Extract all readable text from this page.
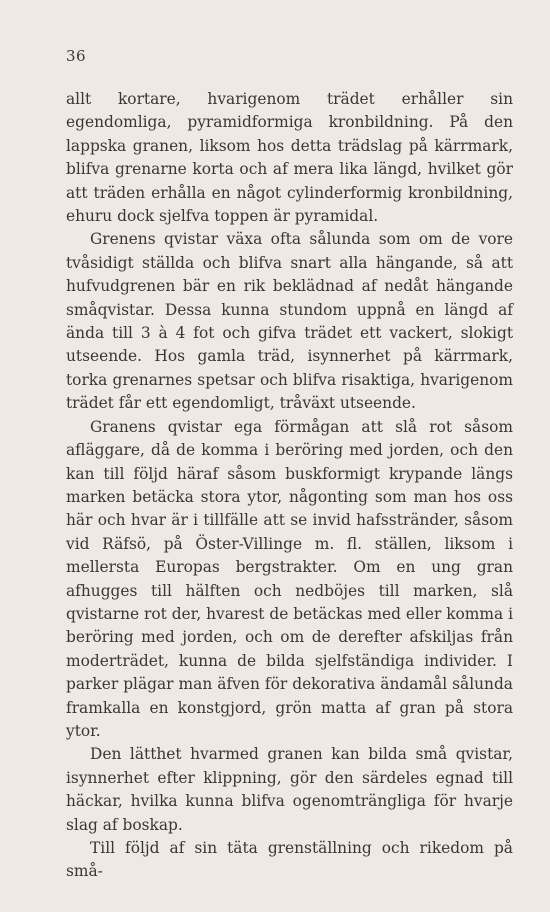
36

allt kortare, hvarigenom trädet erhåller sin egendomliga, pyramidformiga kronbildning. På den lappska granen, liksom hos detta trädslag på kärrmark, blifva grenarne korta och af mera lika längd, hvilket gör att träden erhålla en något cylinderformig kronbildning, ehuru dock sjelfva toppen är pyramidal.

Grenens qvistar växa ofta sålunda som om de vore tvåsidigt ställda och blifva snart alla hängande, så att hufvudgrenen bär en rik beklädnad af nedåt hängande småqvistar. Dessa kunna stundom uppnå en längd af ända till 3 à 4 fot och gifva trädet ett vackert, slokigt utseende. Hos gamla träd, isynnerhet på kärrmark, torka grenarnes spetsar och blifva risaktiga, hvarigenom trädet får ett egendomligt, tråväxt utseende.

Granens qvistar ega förmågan att slå rot såsom afläggare, då de komma i beröring med jorden, och den kan till följd häraf såsom buskformigt krypande längs marken betäcka stora ytor, någonting som man hos oss här och hvar är i tillfälle att se invid hafsstränder, såsom vid Räfsö, på Öster-Villinge m. fl. ställen, liksom i mellersta Europas bergstrakter. Om en ung gran afhugges till hälften och nedböjes till marken, slå qvistarne rot der, hvarest de betäckas med eller komma i beröring med jorden, och om de derefter afskiljas från moderträdet, kunna de bilda sjelfständiga individer. I parker plägar man äfven för dekorativa ändamål sålunda framkalla en konstgjord, grön matta af gran på stora ytor.

Den lätthet hvarmed granen kan bilda små qvistar, isynnerhet efter klippning, gör den särdeles egnad till häckar, hvilka kunna blifva ogenomträngliga för hvarje slag af boskap.

Till följd af sin täta grenställning och rikedom på små-
